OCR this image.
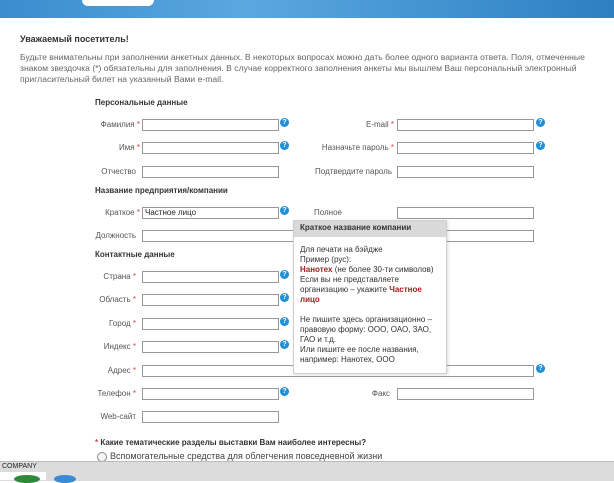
Уважаемый посетитель!
Будьте внимательны при заполнении анкетных данных. В некоторых вопросах можно дать более одного варианта ответа. Поля, отмеченные знаком звездочка (*) обязательны для заполнения. В случае корректного заполнения анкеты мы вышлем Ваш персональный электронный пригласительный билет на указанный Вами e-mail.
Персональные данные
Фамилия *	?	E-mail *	?
Имя *	?	Назначьте пароль *	?
Отчество	Подтвердите пароль
Название предприятия/компании
Краткое * Частное лицо	?	Полное
Должность
Контактные данные
Страна *	?
Область *	?
Город *	?
Индекс *	?
Адрес *	?
Телефон *	?	Факс
Web-сайт
* Какие тематические разделы выставки Вам наиболее интересны?
Вспомогательные средства для облегчения повседневной жизни
Краткое название компании
Для печати на бэйдже
Пример (рус):
Нанотех (не более 30-ти символов)
Если вы не представляете
организацию – укажите Частное
лицо
Не пишите здесь организационно –
правовую форму: ООО, ОАО, ЗАО,
ГАО и т.д.
Или пишите ее после названия,
например: Нанотех, ООО
COMPANY
